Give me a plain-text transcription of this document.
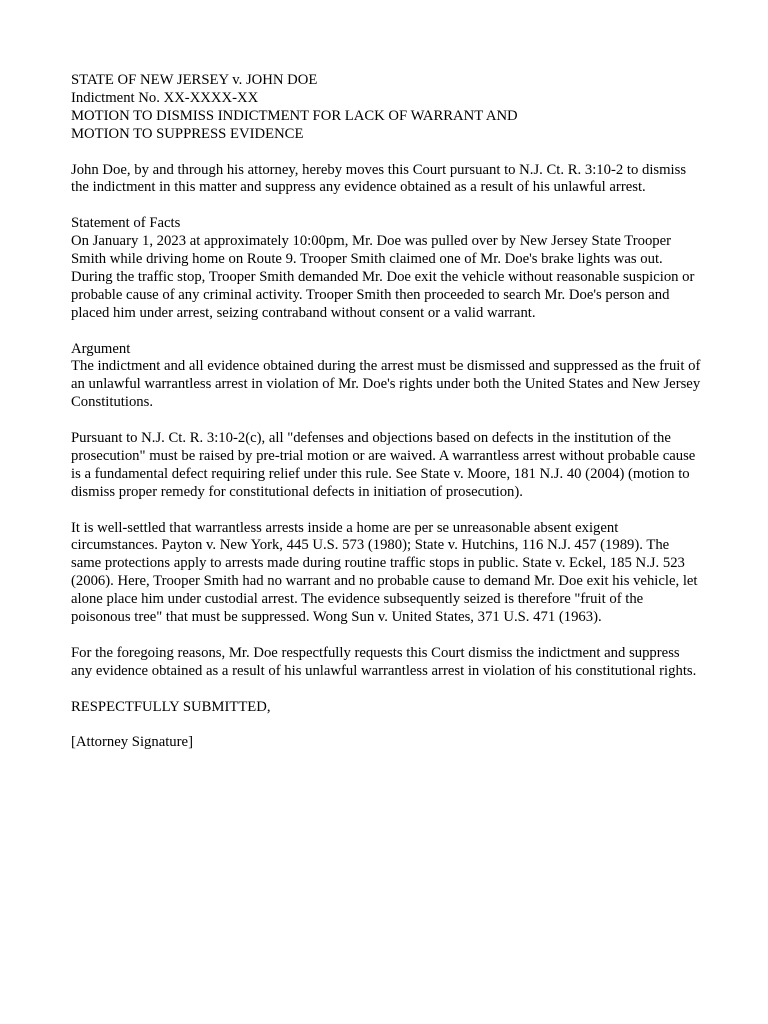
STATE OF NEW JERSEY v. JOHN DOE

Indictment No. XX-XXXX-XX

MOTION TO DISMISS INDICTMENT FOR LACK OF WARRANT AND

MOTION TO SUPPRESS EVIDENCE

John Doe, by and through his attorney, hereby moves this Court pursuant to N.J. Ct. R. 3:10-2 to dismiss the indictment in this matter and suppress any evidence obtained as a result of his unlawful arrest.

Statement of Facts

On January 1, 2023 at approximately 10:00pm, Mr. Doe was pulled over by New Jersey State Trooper Smith while driving home on Route 9. Trooper Smith claimed one of Mr. Doe's brake lights was out. During the traffic stop, Trooper Smith demanded Mr. Doe exit the vehicle without reasonable suspicion or probable cause of any criminal activity. Trooper Smith then proceeded to search Mr. Doe's person and placed him under arrest, seizing contraband without consent or a valid warrant.

Argument

The indictment and all evidence obtained during the arrest must be dismissed and suppressed as the fruit of an unlawful warrantless arrest in violation of Mr. Doe's rights under both the United States and New Jersey Constitutions.

Pursuant to N.J. Ct. R. 3:10-2(c), all "defenses and objections based on defects in the institution of the prosecution" must be raised by pre-trial motion or are waived. A warrantless arrest without probable cause is a fundamental defect requiring relief under this rule. See State v. Moore, 181 N.J. 40 (2004) (motion to dismiss proper remedy for constitutional defects in initiation of prosecution).

It is well-settled that warrantless arrests inside a home are per se unreasonable absent exigent circumstances. Payton v. New York, 445 U.S. 573 (1980); State v. Hutchins, 116 N.J. 457 (1989). The same protections apply to arrests made during routine traffic stops in public. State v. Eckel, 185 N.J. 523 (2006). Here, Trooper Smith had no warrant and no probable cause to demand Mr. Doe exit his vehicle, let alone place him under custodial arrest. The evidence subsequently seized is therefore "fruit of the poisonous tree" that must be suppressed. Wong Sun v. United States, 371 U.S. 471 (1963).

For the foregoing reasons, Mr. Doe respectfully requests this Court dismiss the indictment and suppress any evidence obtained as a result of his unlawful warrantless arrest in violation of his constitutional rights.

RESPECTFULLY SUBMITTED,

[Attorney Signature]
